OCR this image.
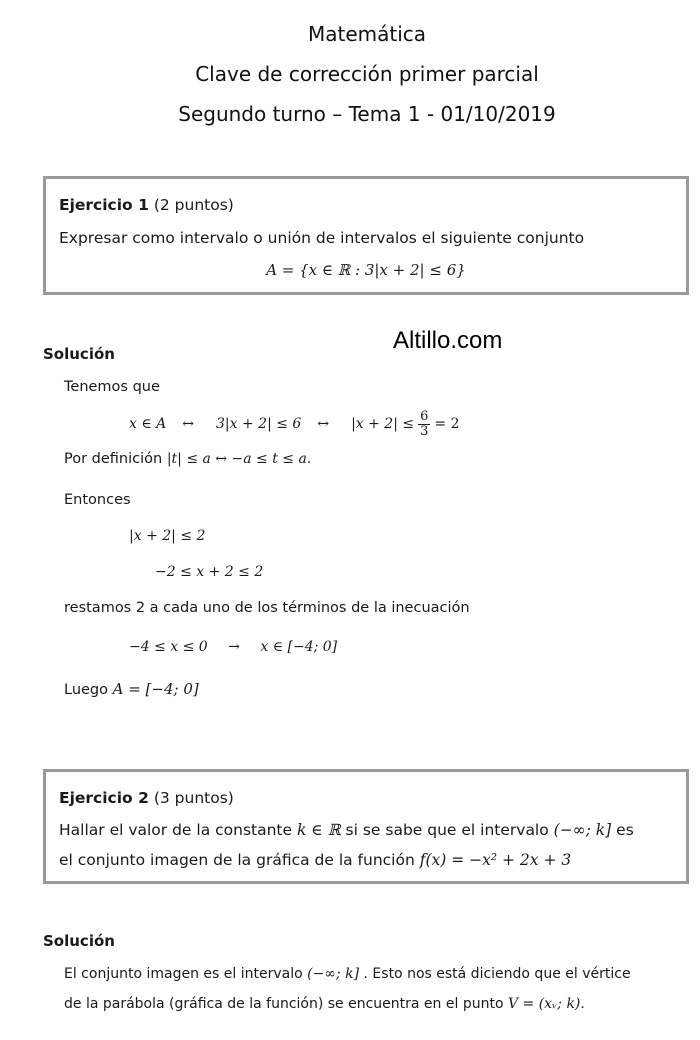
Matemática
Clave de corrección primer parcial
Segundo turno – Tema 1 - 01/10/2019
Ejercicio 1 (2 puntos)
Expresar como intervalo o unión de intervalos el siguiente conjunto
A = {x ∈ ℝ : 3|x + 2| ≤ 6}
Altillo.com
Solución
Tenemos que
x ∈ A ↔ 3|x + 2| ≤ 6 ↔ $|x + 2| \le \frac{6}{3} = 2$
Por definición |t| ≤ a ↔ −a ≤ t ≤ a.
Entonces
|x + 2| ≤ 2
−2 ≤ x + 2 ≤ 2
restamos 2 a cada uno de los términos de la inecuación
−4 ≤ x ≤ 0 → x ∈ [−4; 0]
Luego A = [−4; 0]
Ejercicio 2 (3 puntos)
Hallar el valor de la constante k ∈ ℝ si se sabe que el intervalo (−∞; k] es
el conjunto imagen de la gráfica de la función f(x) = −x² + 2x + 3
Solución
El conjunto imagen es el intervalo (−∞; k] . Esto nos está diciendo que el vértice
de la parábola (gráfica de la función) se encuentra en el punto V = (xᵥ; k).
